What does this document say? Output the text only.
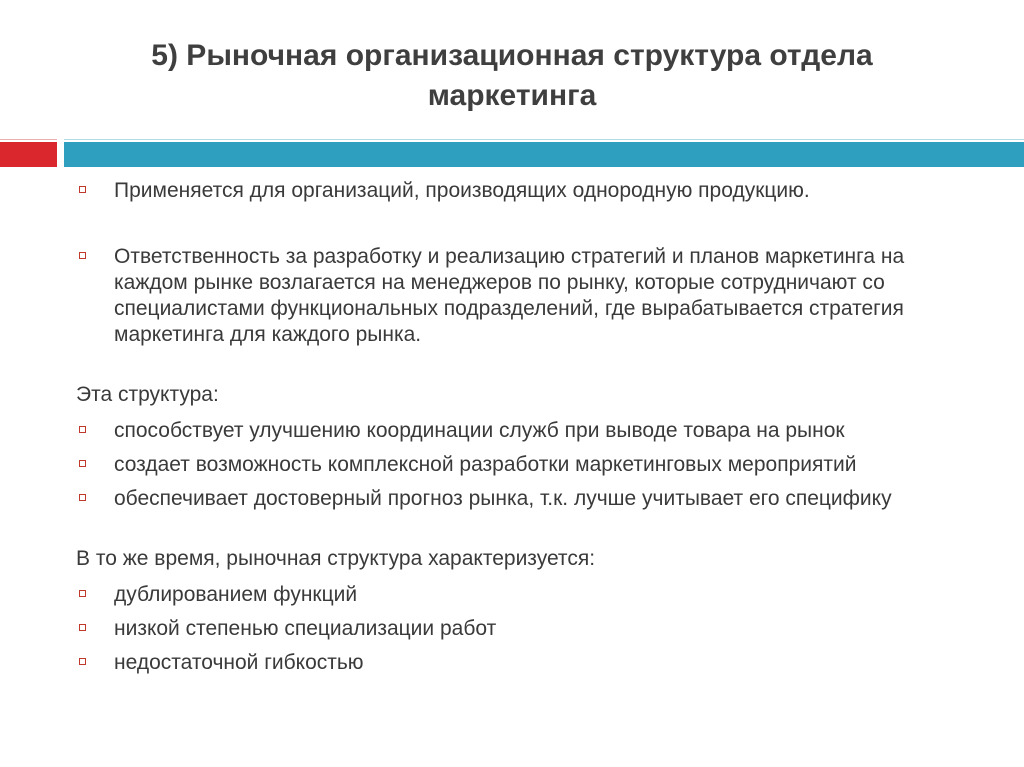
5) Рыночная организационная структура отдела
маркетинга
Применяется для организаций, производящих однородную продукцию.
Ответственность за разработку и реализацию стратегий и планов маркетинга на каждом рынке возлагается на менеджеров по рынку, которые сотрудничают со специалистами функциональных подразделений, где вырабатывается стратегия маркетинга для каждого рынка.
Эта структура:
способствует улучшению координации служб при выводе товара на рынок
создает возможность комплексной разработки маркетинговых мероприятий
обеспечивает достоверный прогноз рынка, т.к. лучше учитывает его специфику
В то же время, рыночная структура характеризуется:
дублированием функций
низкой степенью специализации работ
недостаточной гибкостью
